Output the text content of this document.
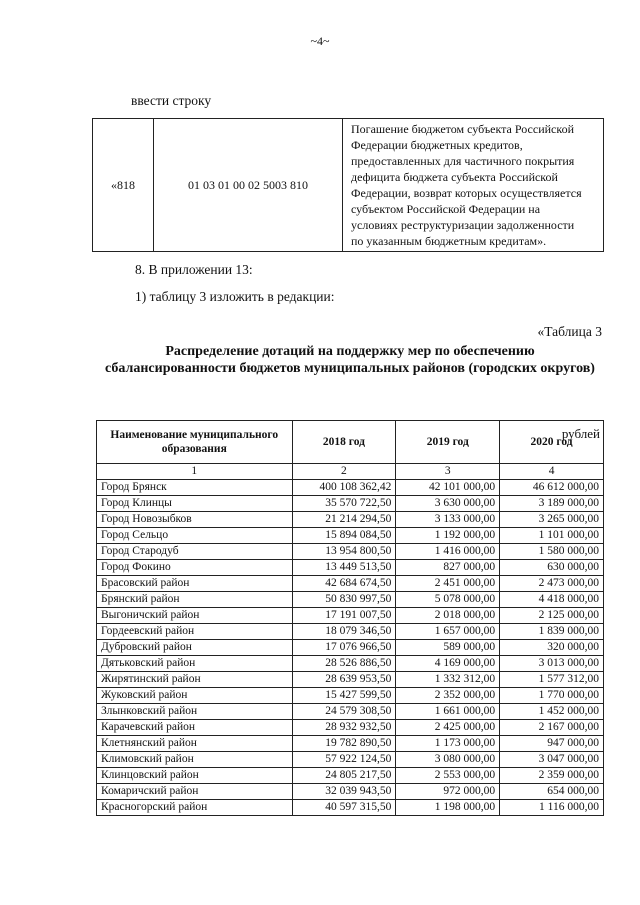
~4~
ввести строку
«818	01 03 01 00 02 5003 810	
Погашение бюджетом субъекта Российской
Федерации бюджетных кредитов,
предоставленных для частичного покрытия
дефицита бюджета субъекта Российской
Федерации, возврат которых осуществляется
субъектом Российской Федерации на
условиях реструктуризации задолженности
по указанным бюджетным кредитам».
8. В приложении 13:
1) таблицу 3 изложить в редакции:
«Таблица 3
Распределение дотаций на поддержку мер по обеспечению сбалансированности бюджетов муниципальных районов (городских округов)
рублей
Наименование муниципального образования	2018 год	2019 год	2020 год
1	2	3	4
Город Брянск	400 108 362,42	42 101 000,00	46 612 000,00
Город Клинцы	35 570 722,50	3 630 000,00	3 189 000,00
Город Новозыбков	21 214 294,50	3 133 000,00	3 265 000,00
Город Сельцо	15 894 084,50	1 192 000,00	1 101 000,00
Город Стародуб	13 954 800,50	1 416 000,00	1 580 000,00
Город Фокино	13 449 513,50	827 000,00	630 000,00
Брасовский район	42 684 674,50	2 451 000,00	2 473 000,00
Брянский район	50 830 997,50	5 078 000,00	4 418 000,00
Выгоничский район	17 191 007,50	2 018 000,00	2 125 000,00
Гордеевский район	18 079 346,50	1 657 000,00	1 839 000,00
Дубровский район	17 076 966,50	589 000,00	320 000,00
Дятьковский район	28 526 886,50	4 169 000,00	3 013 000,00
Жирятинский район	28 639 953,50	1 332 312,00	1 577 312,00
Жуковский район	15 427 599,50	2 352 000,00	1 770 000,00
Злынковский район	24 579 308,50	1 661 000,00	1 452 000,00
Карачевский район	28 932 932,50	2 425 000,00	2 167 000,00
Клетнянский район	19 782 890,50	1 173 000,00	947 000,00
Климовский район	57 922 124,50	3 080 000,00	3 047 000,00
Клинцовский район	24 805 217,50	2 553 000,00	2 359 000,00
Комаричский район	32 039 943,50	972 000,00	654 000,00
Красногорский район	40 597 315,50	1 198 000,00	1 116 000,00
